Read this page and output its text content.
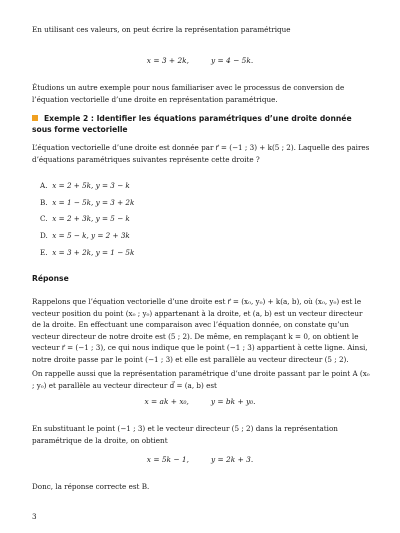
En utilisant ces valeurs, on peut écrire la représentation paramétrique

x = 3 + 2k,	y = 4 − 5k.

Étudions un autre exemple pour nous familiariser avec le processus de conversion de l’équation vectorielle d’une droite en représentation paramétrique.

Exemple 2 : Identifier les équations paramétriques d’une droite donnée sous forme vectorielle

L’équation vectorielle d’une droite est donnée par r⃗ = (−1 ; 3) + k(5 ; 2). Laquelle des paires d’équations paramétriques suivantes représente cette droite ?

A. x = 2 + 5k, y = 3 − k
B. x = 1 − 5k, y = 3 + 2k
C. x = 2 + 3k, y = 5 − k
D. x = 5 − k, y = 2 + 3k
E. x = 3 + 2k, y = 1 − 5k
Réponse

Rappelons que l’équation vectorielle d’une droite est r⃗ = (x₀, y₀) + k(a, b), où (x₀, y₀) est le vecteur position du point (x₀ ; y₀) appartenant à la droite, et (a, b) est un vecteur directeur de la droite. En effectuant une comparaison avec l’équation donnée, on constate qu’un vecteur directeur de notre droite est (5 ; 2). De même, en remplaçant k = 0, on obtient le vecteur r⃗ = (−1 ; 3), ce qui nous indique que le point (−1 ; 3) appartient à cette ligne. Ainsi, notre droite passe par le point (−1 ; 3) et elle est parallèle au vecteur directeur (5 ; 2).

On rappelle aussi que la représentation paramétrique d’une droite passant par le point A (x₀ ; y₀) et parallèle au vecteur directeur d⃗ = (a, b) est

x = ak + x₀,	y = bk + y₀.

En substituant le point (−1 ; 3) et le vecteur directeur (5 ; 2) dans la représentation paramétrique de la droite, on obtient

x = 5k − 1,	y = 2k + 3.

Donc, la réponse correcte est B.

3
